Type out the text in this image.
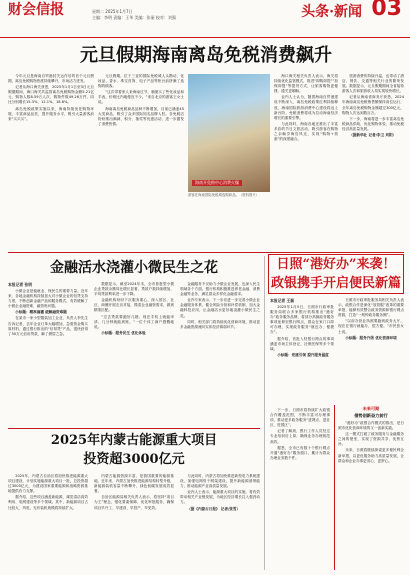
财会信报	星期二 2025年1月7日
主编：李明 责编：王华 美编：张丽 校对：刘强	头条·新闻 03
元旦假期海南离岛免税消费飙升

今年元旦是海南自贸港封关运作后的首个元旦假期，离岛免税购物热度持续攀升，市场活力迸发。

记者从海口海关获悉，2025年1月1日至3日元旦假期期间，海口海关共监管离岛免税购物金额5.21亿元，购物人数8.59万人次，购物件数49.26万件，同比分别增长15.3%、12.1%、18.6%。

离岛免税政策实施以来，海南持续优化购物环境，丰富商品品类，提升服务水平，吸引大量游客前来“买买买”。

元旦假期，位于三亚的国际免税城人头攒动，化妆品、香水、珠宝首饰、电子产品等柜台前挤满了选购的顾客。

“这次带着家人来海南过节，顺便买了些化妆品和手表，价格比内地便宜不少。”来自北京的游客王女士说。

海南离岛免税商品品种不断增加，目前已涵盖45大类商品，吸引了众多国际知名品牌入驻。各免税店纷纷推出满减、积分、抽奖等优惠活动，进一步激发了消费热情。

海南开免购中心消费火爆
游客在海南国际免税城选购商品。（资料图片）

海口海关相关负责人表示，海关将持续优化监管模式，推进“即购即提”“担保即提”等提货方式，让旅客购物更便捷、通关更顺畅。

业内人士认为，随着海南自贸港建设不断深入，离岛免税政策红利持续释放，海南国际旅游消费中心建设将迈上新台阶，免税消费将成为拉动海南经济增长的重要引擎。

与此同时，海南各地还推出了丰富多彩的节日文旅活动，吸引游客在购物之余畅享海岛风光，实现“购物+旅游”的深度融合。

旅游消费的持续升温，也带动了酒店、餐饮、交通等相关行业的繁荣发展。数据显示，元旦假期期间全省接待游客人次和旅游收入均实现较快增长。

记者从海南省商务厅获悉，2024年海南离岛免税销售额保持高位运行，全年离岛免税购物金额超过300亿元，购物人次达到数百万。

下一步，海南将进一步丰富离岛免税商品供给，优化购物体验，推动免税经济高质量发展。

（据新华社 记者/李卫 刘阳）

金融活水浇灌小微民生之花
本报记者 张明

小微企业是稳就业、保民生的重要力量。近年来，各地金融机构持续加大对小微企业的信贷支持力度，不断创新金融产品和服务模式，有效缓解了小微企业融资难、融资贵问题。

小标题：精准滴灌 破解融资难题

在某市一家小型服装加工企业，负责人李先生告诉记者，去年企业订单大幅增加，急需资金购买原材料，通过银行推出的“信易贷”产品，很快获得了50万元信用贷款，解了燃眉之急。

数据显示，截至2024年末，全市普惠型小微企业贷款余额同比增长显著，贷款户数持续增加，平均贷款利率进一步下降。

金融机构纷纷下沉服务重心，深入园区、社区、商圈开展走访对接，摸清企业融资需求，做到精准匹配。

“过去贷款要跑好几趟，现在手机上就能申请，几分钟就能到账。”一位个体工商户感慨地说。

小标题：服务民生 优化体验

金融服务不仅助力小微企业发展，也深入民生领域各个方面。银行机构积极推进养老金融、消费金融等业务，满足群众多样化金融需求。

业内专家表示，下一步应进一步完善小微企业金融服务体系，健全风险分担和补偿机制，加大金融科技应用，让金融活水更好地浇灌小微民生之花。

同时，相关部门将持续优化营商环境，推动更多金融资源流向实体经济薄弱环节。

日照“港好办”来袭！
政银携手开启便民新篇
本报记者 王磊

2025年1月5日，日照市行政审批服务局联合多家银行机构推出“港好办”政务服务品牌，将部分高频政务服务事项延伸至银行网点，群众在家门口即可办理，实现政务服务“就近办、便捷办”。

据介绍，首批入驻银行网点的事项涵盖市场主体登记、社保医保等多个领域。

小标题：党建引领 提升服务温度

日照市行政审批服务局相关负责人表示，政银合作是深化“放管服”改革的重要举措，能够有效整合政务资源和银行网点资源，打造“一刻钟政务服务圈”。

“以前办营业执照要跑到政务大厅，现在在银行就能办，很方便。”市民张女士说。

小标题：服务升级 优化营商环境

下一步，日照市将持续扩大政银合作覆盖范围，不断丰富可办理事项，推动更多政务服务“进网点、进社区、进园区”。

记者了解到，银行工作人员经过专业培训后上岗，确保业务办理规范高效。

据悉，全市已有数十个银行网点开通“港好办”服务窗口，累计为群众办理业务数千件。

未来可期
借势创新奋力前行

“港好办”政银合作模式的推出，是日照市优化营商环境的又一创新实践。

这一模式打破了政务服务与金融服务之间的壁垒，实现了资源共享、优势互补。

未来，日照将继续探索更多便民利企新举措，以更优服务助力高质量发展，让群众和企业办事更省心、更舒心。

2025年内蒙古能源重大项目
投资超3000亿元

2025年，内蒙古自治区将加快推进能源重大项目建设，计划实施能源重大项目一批，总投资超过3000亿元，为建设国家重要能源和战略资源基地提供有力支撑。

据介绍，这些项目涵盖新能源、煤炭清洁高效利用、电网建设等多个领域。其中，新能源项目占比较大，风电、光伏装机规模将持续扩大。

内蒙古能源资源丰富，是我国重要的能源基地。近年来，内蒙古加快推进能源结构转型升级，新能源装机容量不断攀升，绿色低碳发展成效显著。

自治区能源局相关负责人表示，将坚持“项目为王”理念，强化要素保障，优化审批服务，确保项目早开工、早建设、早投产、早见效。

与此同时，内蒙古将加快推进新型电力系统建设，加强电网骨干网架建设，提升新能源消纳能力，推动能源产业高质量发展。

业内人士表示，能源重大项目的实施，将有效带动相关产业链发展，为地区经济增长注入强劲动力。

（据《内蒙古日报》 记者/张雪）
